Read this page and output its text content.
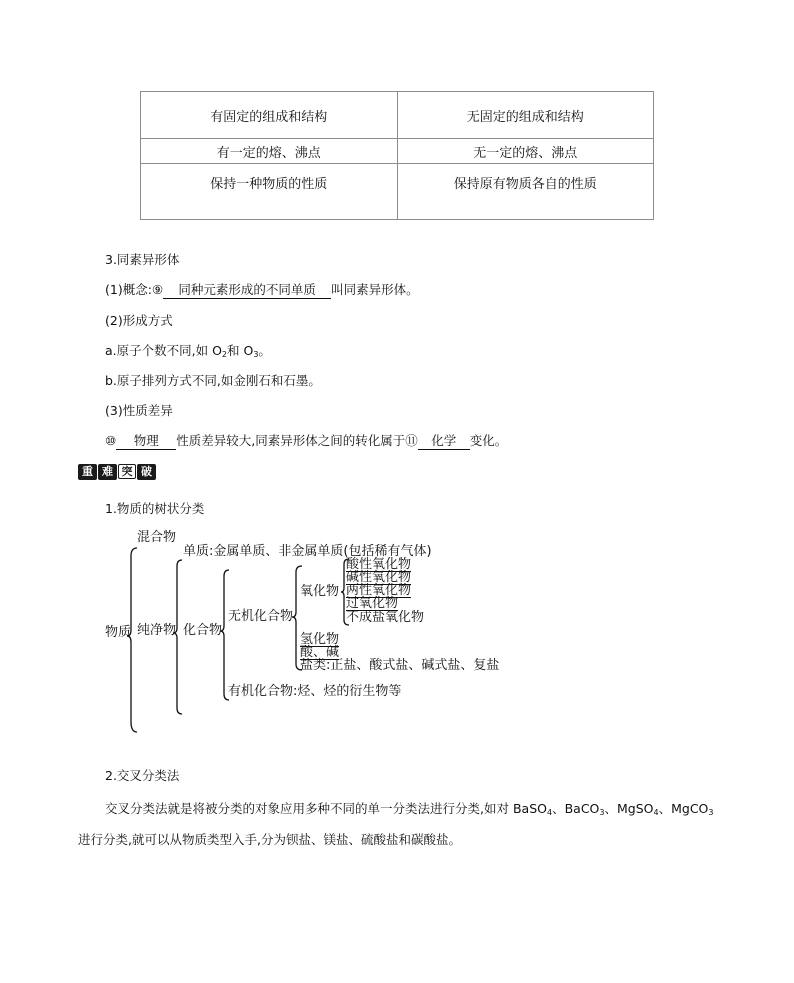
有固定的组成和结构	无固定的组成和结构
有一定的熔、沸点	无一定的熔、沸点
保持一种物质的性质	保持原有物质各自的性质
3.同素异形体
(1)概念:⑨ 同种元素形成的不同单质 叫同素异形体。
(2)形成方式
a.原子个数不同,如 $O_2$和 $O_3$。
b.原子排列方式不同,如金刚石和石墨。
(3)性质差异
⑩ 物理 性质差异较大,同素异形体之间的转化属于⑪ 化学 变化。
重 难 突 破
1.物质的树状分类
物质
混合物
纯净物
单质:金属单质、非金属单质(包括稀有气体)
化合物
无机化合物
氧化物
酸性氧化物
碱性氧化物
两性氧化物
过氧化物
不成盐氧化物
氢化物
酸、碱
盐类:正盐、酸式盐、碱式盐、复盐
有机化合物:烃、烃的衍生物等
2.交叉分类法
交叉分类法就是将被分类的对象应用多种不同的单一分类法进行分类,如对 BaSO$_4$、BaCO$_3$、MgSO$_4$、MgCO$_3$
进行分类,就可以从物质类型入手,分为钡盐、镁盐、硫酸盐和碳酸盐。
